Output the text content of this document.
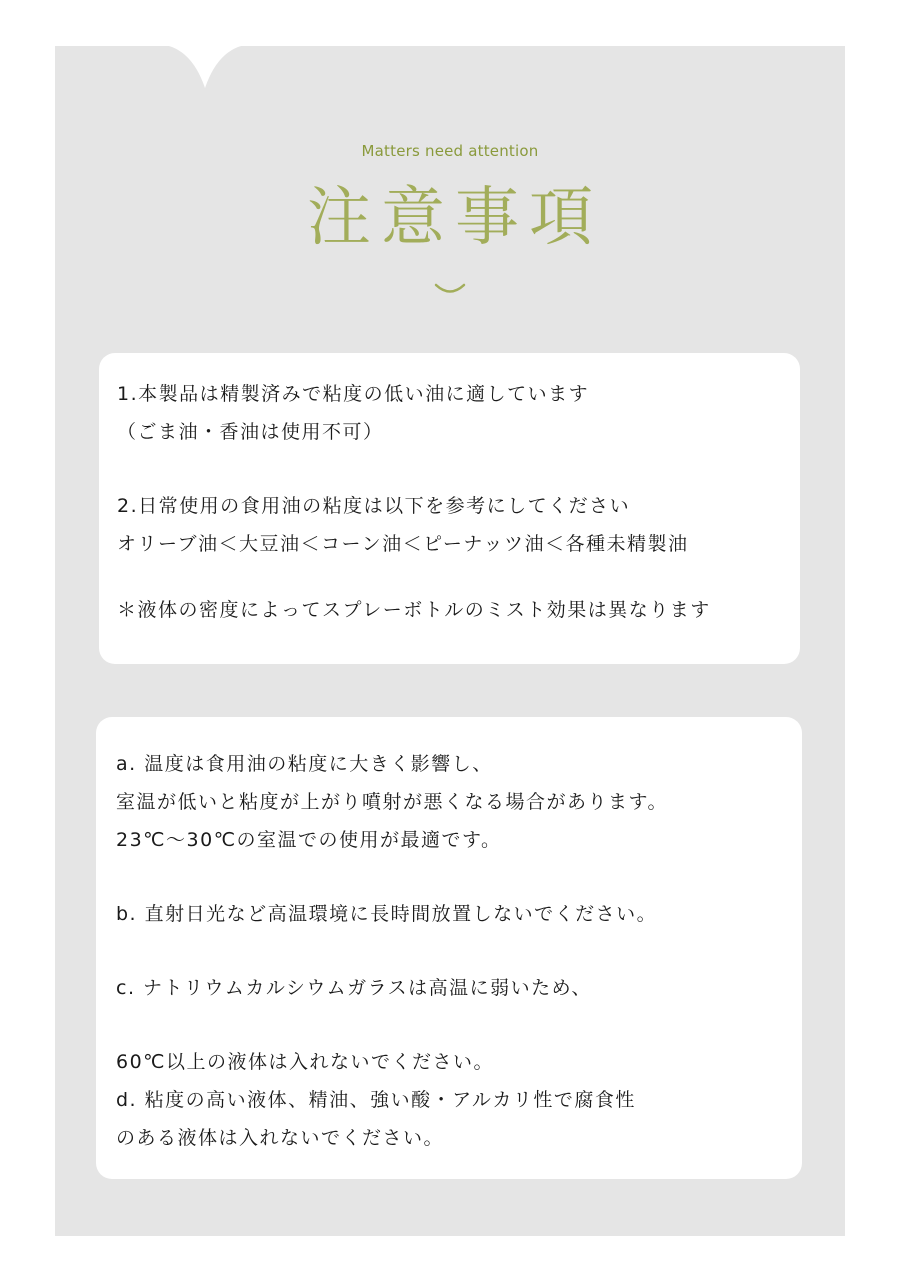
Matters need attention
注意事項
1.本製品は精製済みで粘度の低い油に適しています
（ごま油・香油は使用不可）
2.日常使用の食用油の粘度は以下を参考にしてください
オリーブ油＜大豆油＜コーン油＜ピーナッツ油＜各種未精製油
＊液体の密度によってスプレーボトルのミスト効果は異なります
a. 温度は食用油の粘度に大きく影響し、
室温が低いと粘度が上がり噴射が悪くなる場合があります。
23℃～30℃の室温での使用が最適です。
b. 直射日光など高温環境に長時間放置しないでください。
c. ナトリウムカルシウムガラスは高温に弱いため、
60℃以上の液体は入れないでください。
d. 粘度の高い液体、精油、強い酸・アルカリ性で腐食性
のある液体は入れないでください。
